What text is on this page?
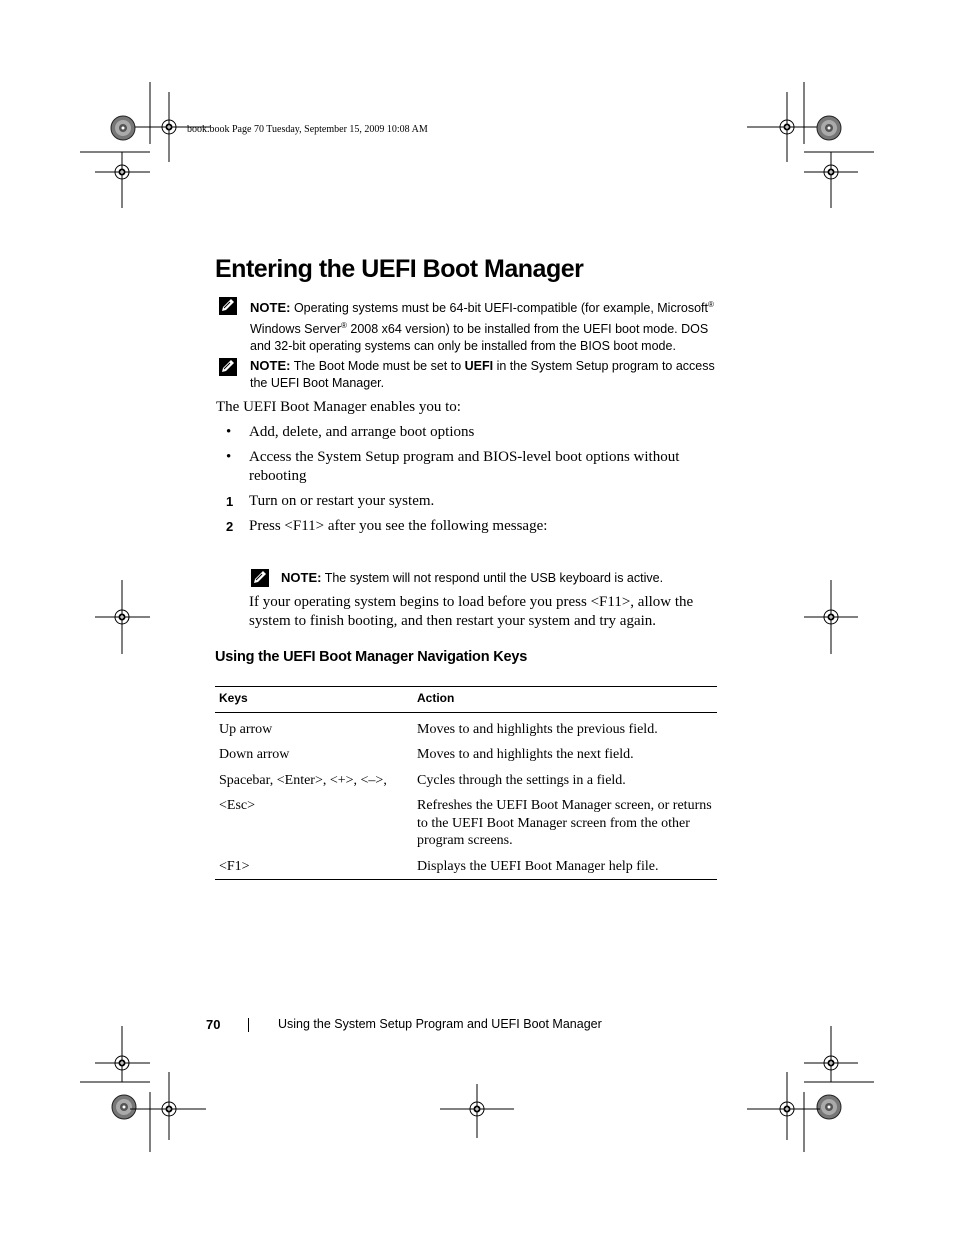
book.book Page 70 Tuesday, September 15, 2009 10:08 AM
Entering the UEFI Boot Manager
NOTE: Operating systems must be 64-bit UEFI-compatible (for example, Microsoft®
Windows Server® 2008 x64 version) to be installed from the UEFI boot mode. DOS
and 32-bit operating systems can only be installed from the BIOS boot mode.
NOTE: The Boot Mode must be set to UEFI in the System Setup program to access
the UEFI Boot Manager.
The UEFI Boot Manager enables you to:
• Add, delete, and arrange boot options
• Access the System Setup program and BIOS-level boot options without
rebooting
1 Turn on or restart your system.
2 Press <F11> after you see the following message:
NOTE: The system will not respond until the USB keyboard is active.
If your operating system begins to load before you press <F11>, allow the
system to finish booting, and then restart your system and try again.
Using the UEFI Boot Manager Navigation Keys
Keys	Action
Up arrow	Moves to and highlights the previous field.
Down arrow	Moves to and highlights the next field.
Spacebar, <Enter>, <+>, <–>,	Cycles through the settings in a field.
<Esc>	Refreshes the UEFI Boot Manager screen, or returns to the UEFI Boot Manager screen from the other program screens.
<F1>	Displays the UEFI Boot Manager help file.
70	Using the System Setup Program and UEFI Boot Manager
